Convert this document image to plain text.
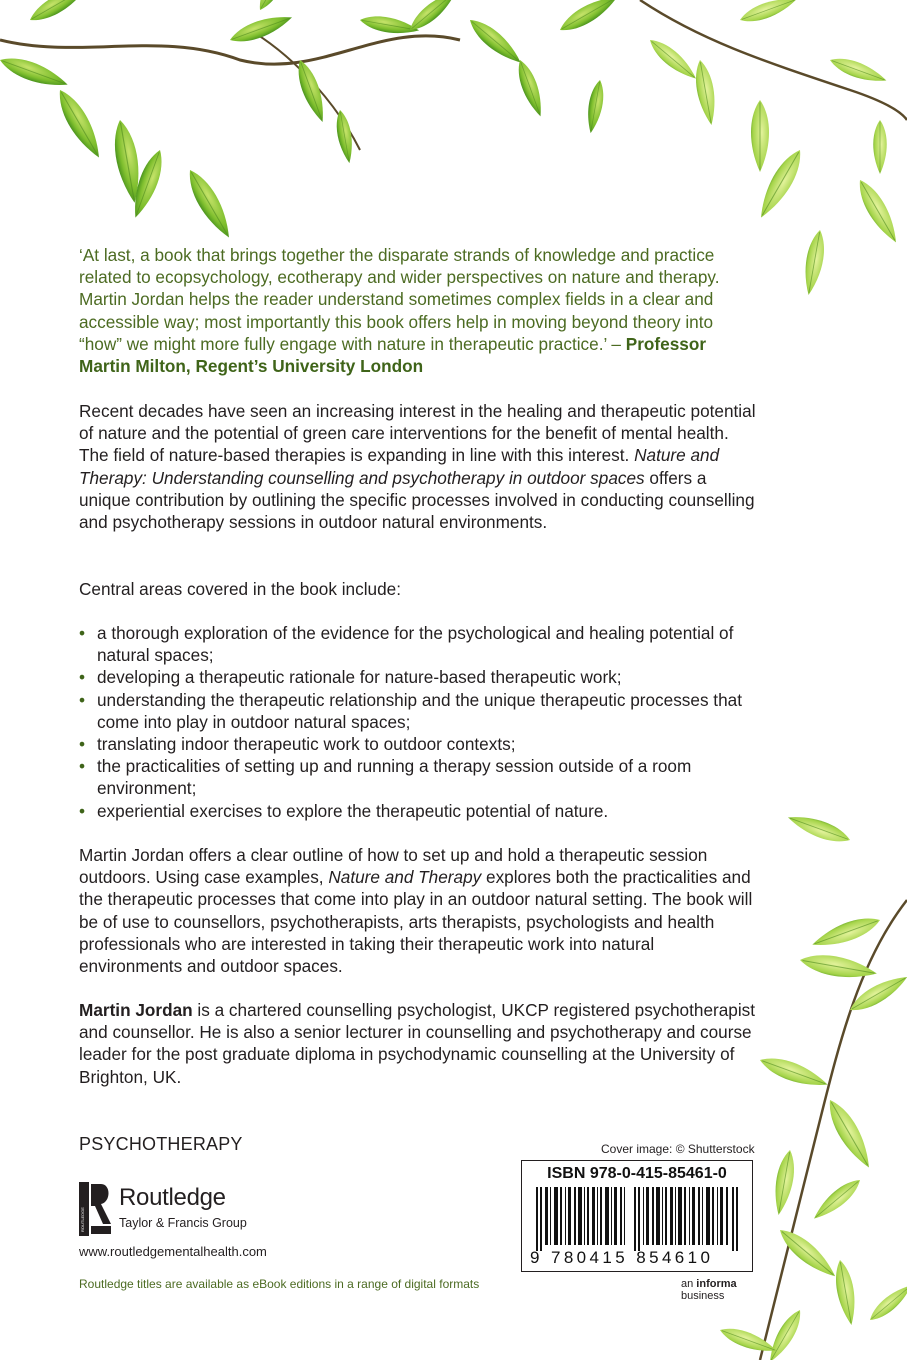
‘At last, a book that brings together the disparate strands of knowledge and practice related to ecopsychology, ecotherapy and wider perspectives on nature and therapy. Martin Jordan helps the reader understand sometimes complex fields in a clear and accessible way; most importantly this book offers help in moving beyond theory into “how” we might more fully engage with nature in therapeutic practice.’ – Professor Martin Milton, Regent’s University London

Recent decades have seen an increasing interest in the healing and therapeutic potential of nature and the potential of green care interventions for the benefit of mental health. The field of nature-based therapies is expanding in line with this interest. Nature and Therapy: Understanding counselling and psychotherapy in outdoor spaces offers a unique contribution by outlining the specific processes involved in conducting counselling and psychotherapy sessions in outdoor natural environments.

Central areas covered in the book include:

• a thorough exploration of the evidence for the psychological and healing potential of natural spaces;
• developing a therapeutic rationale for nature-based therapeutic work;
• understanding the therapeutic relationship and the unique therapeutic processes that come into play in outdoor natural spaces;
• translating indoor therapeutic work to outdoor contexts;
• the practicalities of setting up and running a therapy session outside of a room environment;
• experiential exercises to explore the therapeutic potential of nature.

Martin Jordan offers a clear outline of how to set up and hold a therapeutic session outdoors. Using case examples, Nature and Therapy explores both the practicalities and the therapeutic processes that come into play in an outdoor natural setting. The book will be of use to counsellors, psychotherapists, arts therapists, psychologists and health professionals who are interested in taking their therapeutic work into natural environments and outdoor spaces.

Martin Jordan is a chartered counselling psychologist, UKCP registered psychotherapist and counsellor. He is also a senior lecturer in counselling and psychotherapy and course leader for the post graduate diploma in psychodynamic counselling at the University of Brighton, UK.

PSYCHOTHERAPY	Cover image: © Shutterstock
ROUTLEDGE
Routledge
Taylor & Francis Group
www.routledgementalhealth.com
Routledge titles are available as eBook editions in a range of digital formats
ISBN 978-0-415-85461-0
9 780415 854610
an informa business
